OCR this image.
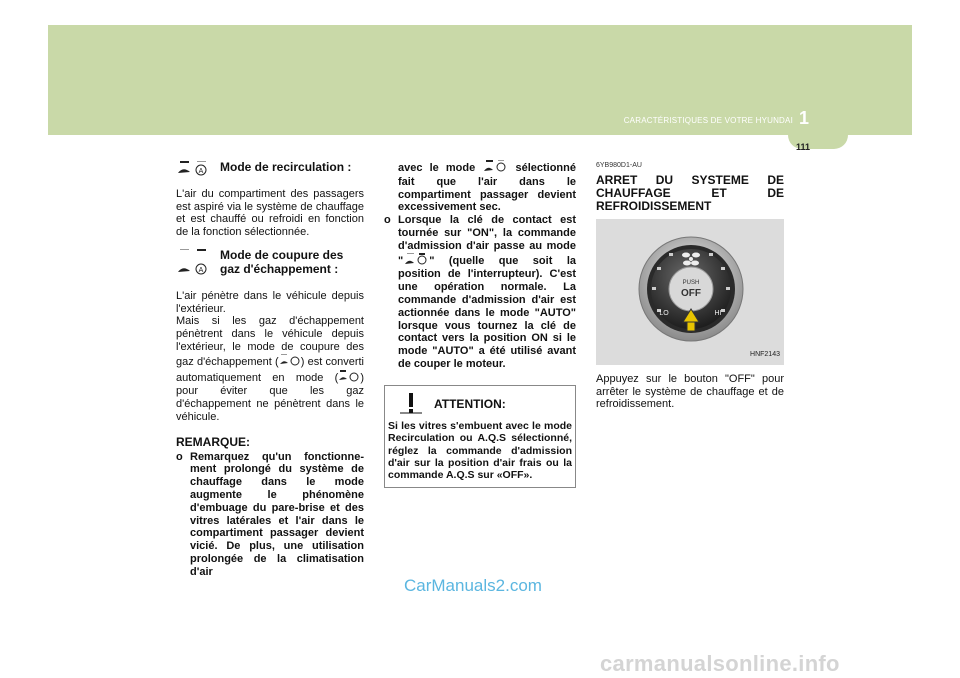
1
CARACTÉRISTIQUES DE VOTRE HYUNDAI
111
A Mode de recirculation :

L'air du compartiment des passagers est aspiré via le système de chauffage et est chauffé ou refroidi en fonction de la fonction sélectionnée.

A
Mode de coupure des
gaz d'échappement :

L'air pénètre dans le véhicule depuis l'extérieur.

Mais si les gaz d'échappement pénètrent dans le véhicule depuis l'extérieur, le mode de coupure des gaz d'échappement ( ) est converti automatiquement en mode ( ) pour éviter que les gaz d'échappement ne pénètrent dans le véhicule.

REMARQUE:
o Remarquez qu'un fonctionne-ment prolongé du système de chauffage dans le mode augmente le phénomène d'embuage du pare-brise et des vitres latérales et l'air dans le compartiment passager devient vicié. De plus, une utilisation prolongée de la climatisation d'air

avec le mode	sélectionné fait que l'air dans le compartiment passager devient excessivement sec.

o Lorsque la clé de contact est tournée sur "ON", la commande d'admission d'air passe au mode " " (quelle que soit la position de l'interrupteur). C'est une opération normale. La commande d'admission d'air est actionnée dans le mode "AUTO" lorsque vous tournez la clé de contact vers la position ON si le mode "AUTO" a été utilisé avant de couper le moteur.
ATTENTION:

Si les vitres s'embuent avec le mode Recirculation ou A.Q.S sélectionné, réglez la commande d'admission d'air sur la position d'air frais ou la commande A.Q.S sur «OFF».

6YB980D1-AU
ARRET DU SYSTEME DE
CHAUFFAGE ET DE
REFROIDISSEMENT
PUSH
OFF
LO	HI
HNF2143

Appuyez sur le bouton "OFF" pour arrêter le système de chauffage et de refroidissement.

CarManuals2.com
carmanualsonline.info
